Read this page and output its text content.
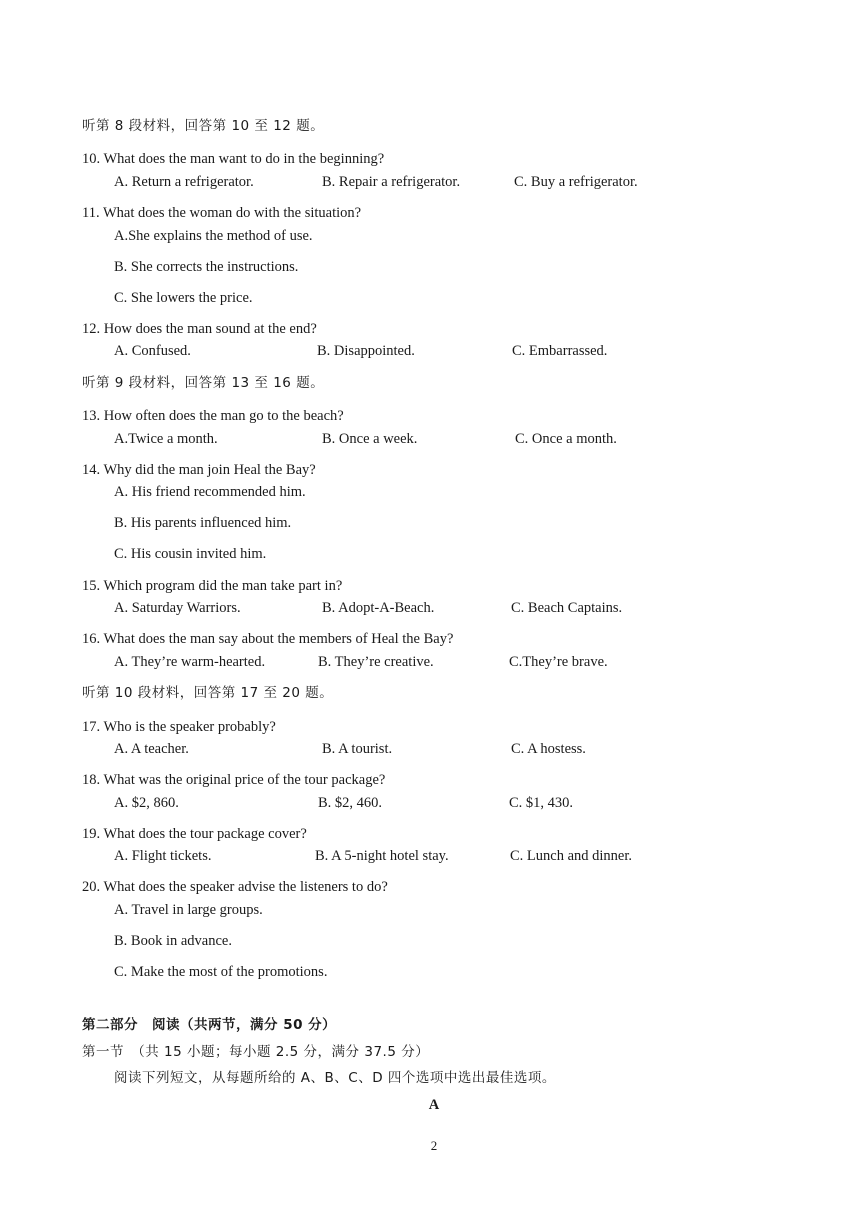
听第 8 段材料，回答第 10 至 12 题。
10. What does the man want to do in the beginning?
A. Return a refrigerator.	B. Repair a refrigerator.	C. Buy a refrigerator.
11. What does the woman do with the situation?
A.She explains the method of use.
B. She corrects the instructions.
C. She lowers the price.
12. How does the man sound at the end?
A. Confused.	B. Disappointed.	C. Embarrassed.
听第 9 段材料，回答第 13 至 16 题。
13. How often does the man go to the beach?
A.Twice a month.	B. Once a week.	C. Once a month.
14. Why did the man join Heal the Bay?
A. His friend recommended him.
B. His parents influenced him.
C. His cousin invited him.
15. Which program did the man take part in?
A. Saturday Warriors.	B. Adopt-A-Beach.	C. Beach Captains.
16. What does the man say about the members of Heal the Bay?
A. They’re warm-hearted.	B. They’re creative.	C.They’re brave.
听第 10 段材料，回答第 17 至 20 题。
17. Who is the speaker probably?
A. A teacher.	B. A tourist.	C. A hostess.
18. What was the original price of the tour package?
A. $2, 860.	B. $2, 460.	C. $1, 430.
19. What does the tour package cover?
A. Flight tickets.	B. A 5-night hotel stay.	C. Lunch and dinner.
20. What does the speaker advise the listeners to do?
A. Travel in large groups.
B. Book in advance.
C. Make the most of the promotions.
第二部分　阅读（共两节，满分 50 分）
第一节　（共 15 小题；每小题 2.5 分，满分 37.5 分）
阅读下列短文，从每题所给的 A、B、C、D 四个选项中选出最佳选项。
A
2
